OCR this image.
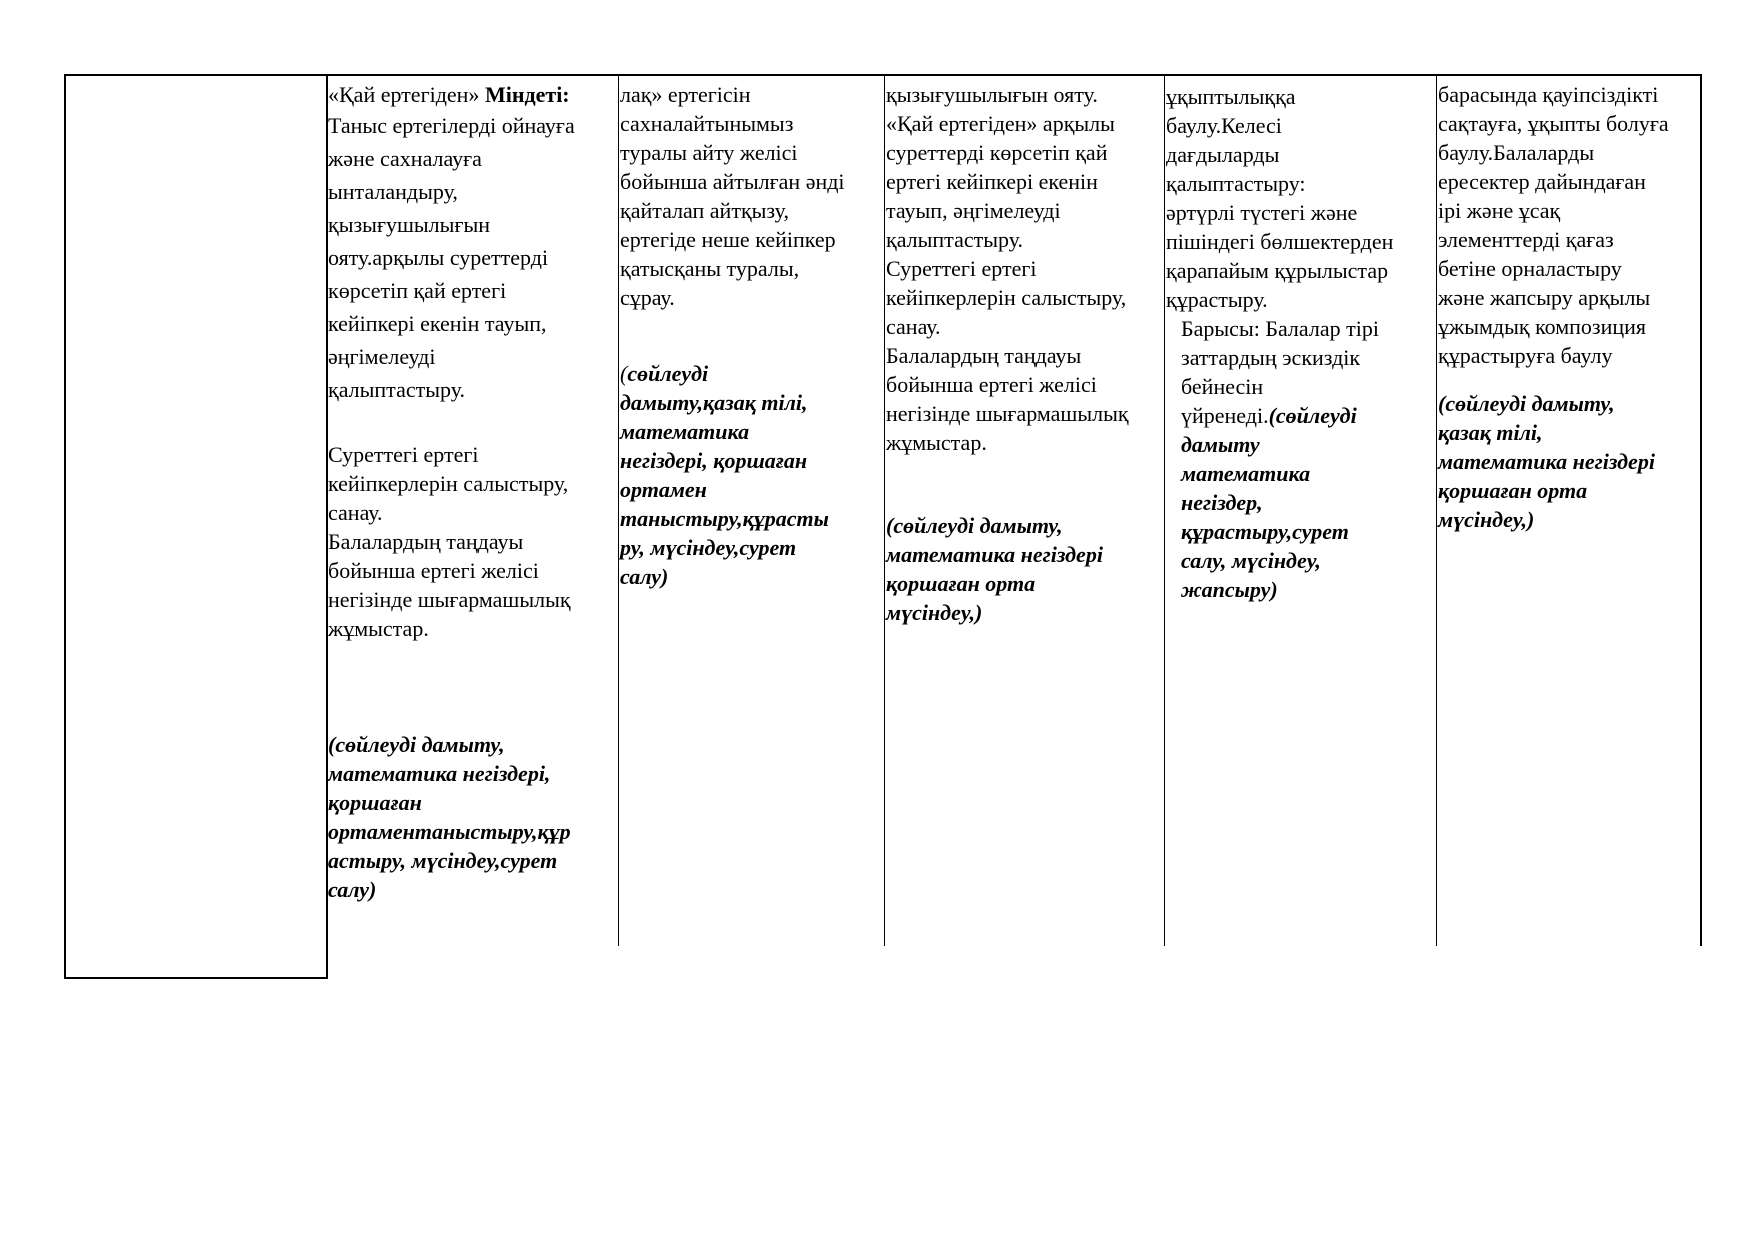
«Қай ертегіден» Міндеті:
Таныс ертегілерді ойнауға
және сахналауға
ынталандыру,
қызығушылығын
ояту.арқылы суреттерді
көрсетіп қай ертегі
кейіпкері екенін тауып,
әңгімелеуді
қалыптастыру.
Суреттегі ертегі
кейіпкерлерін салыстыру,
санау.
Балалардың таңдауы
бойынша ертегі желісі
негізінде шығармашылық
жұмыстар.
(сөйлеуді дамыту,
математика негіздері,
қоршаған
ортаментаныстыру,құр
астыру, мүсіндеу,сурет
салу)
лақ» ертегісін
сахналайтынымыз
туралы айту желісі
бойынша айтылған әнді
қайталап айтқызу,
ертегіде неше кейіпкер
қатысқаны туралы,
сұрау.
(сөйлеуді
дамыту,қазақ тілі,
математика
негіздері, қоршаған
ортамен
таныстыру,құрасты
ру, мүсіндеу,сурет
салу)
қызығушылығын ояту.
«Қай ертегіден» арқылы
суреттерді көрсетіп қай
ертегі кейіпкері екенін
тауып, әңгімелеуді
қалыптастыру.
Суреттегі ертегі
кейіпкерлерін салыстыру,
санау.
Балалардың таңдауы
бойынша ертегі желісі
негізінде шығармашылық
жұмыстар.
(сөйлеуді дамыту,
математика негіздері
қоршаған орта
мүсіндеу,)
ұқыптылыққа
баулу.Келесі
дағдыларды
қалыптастыру:
әртүрлі түстегі және
пішіндегі бөлшектерден
қарапайым құрылыстар
құрастыру.
Барысы: Балалар тірі
заттардың эскиздік
бейнесін
үйренеді.(сөйлеуді
дамыту
математика
негіздер,
құрастыру,сурет
салу, мүсіндеу,
жапсыру)
барасында қауіпсіздікті
сақтауға, ұқыпты болуға
баулу.Балаларды
ересектер дайындаған
ірі және ұсақ
элементтерді қағаз
бетіне орналастыру
және жапсыру арқылы
ұжымдық композиция
құрастыруға баулу
(сөйлеуді дамыту,
қазақ тілі,
математика негіздері
қоршаған орта
мүсіндеу,)
